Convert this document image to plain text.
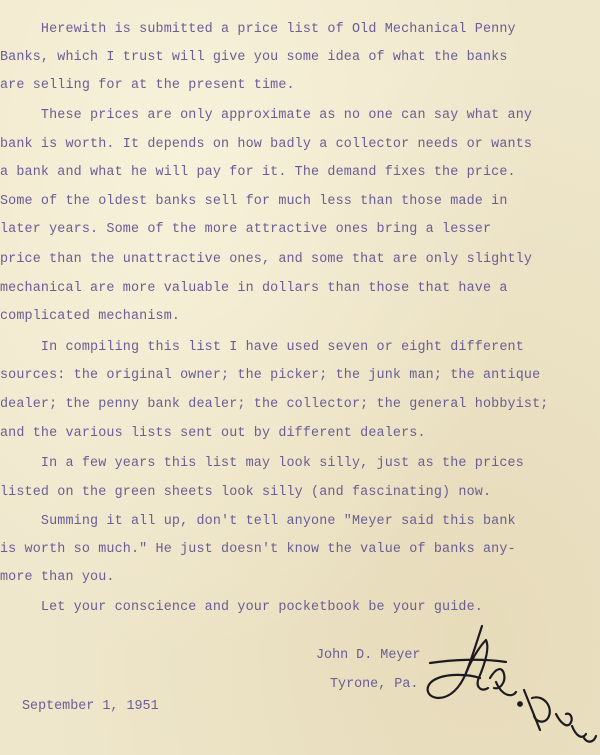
Herewith is submitted a price list of Old Mechanical Penny
Banks, which I trust will give you some idea of what the banks
are selling for at the present time.
These prices are only approximate as no one can say what any
bank is worth. It depends on how badly a collector needs or wants
a bank and what he will pay for it. The demand fixes the price.
Some of the oldest banks sell for much less than those made in
later years. Some of the more attractive ones bring a lesser
price than the unattractive ones, and some that are only slightly
mechanical are more valuable in dollars than those that have a
complicated mechanism.
In compiling this list I have used seven or eight different
sources: the original owner; the picker; the junk man; the antique
dealer; the penny bank dealer; the collector; the general hobbyist;
and the various lists sent out by different dealers.
In a few years this list may look silly, just as the prices
listed on the green sheets look silly (and fascinating) now.
Summing it all up, don't tell anyone "Meyer said this bank
is worth so much." He just doesn't know the value of banks any-
more than you.
Let your conscience and your pocketbook be your guide.
John D. Meyer
Tyrone, Pa.
September 1, 1951
